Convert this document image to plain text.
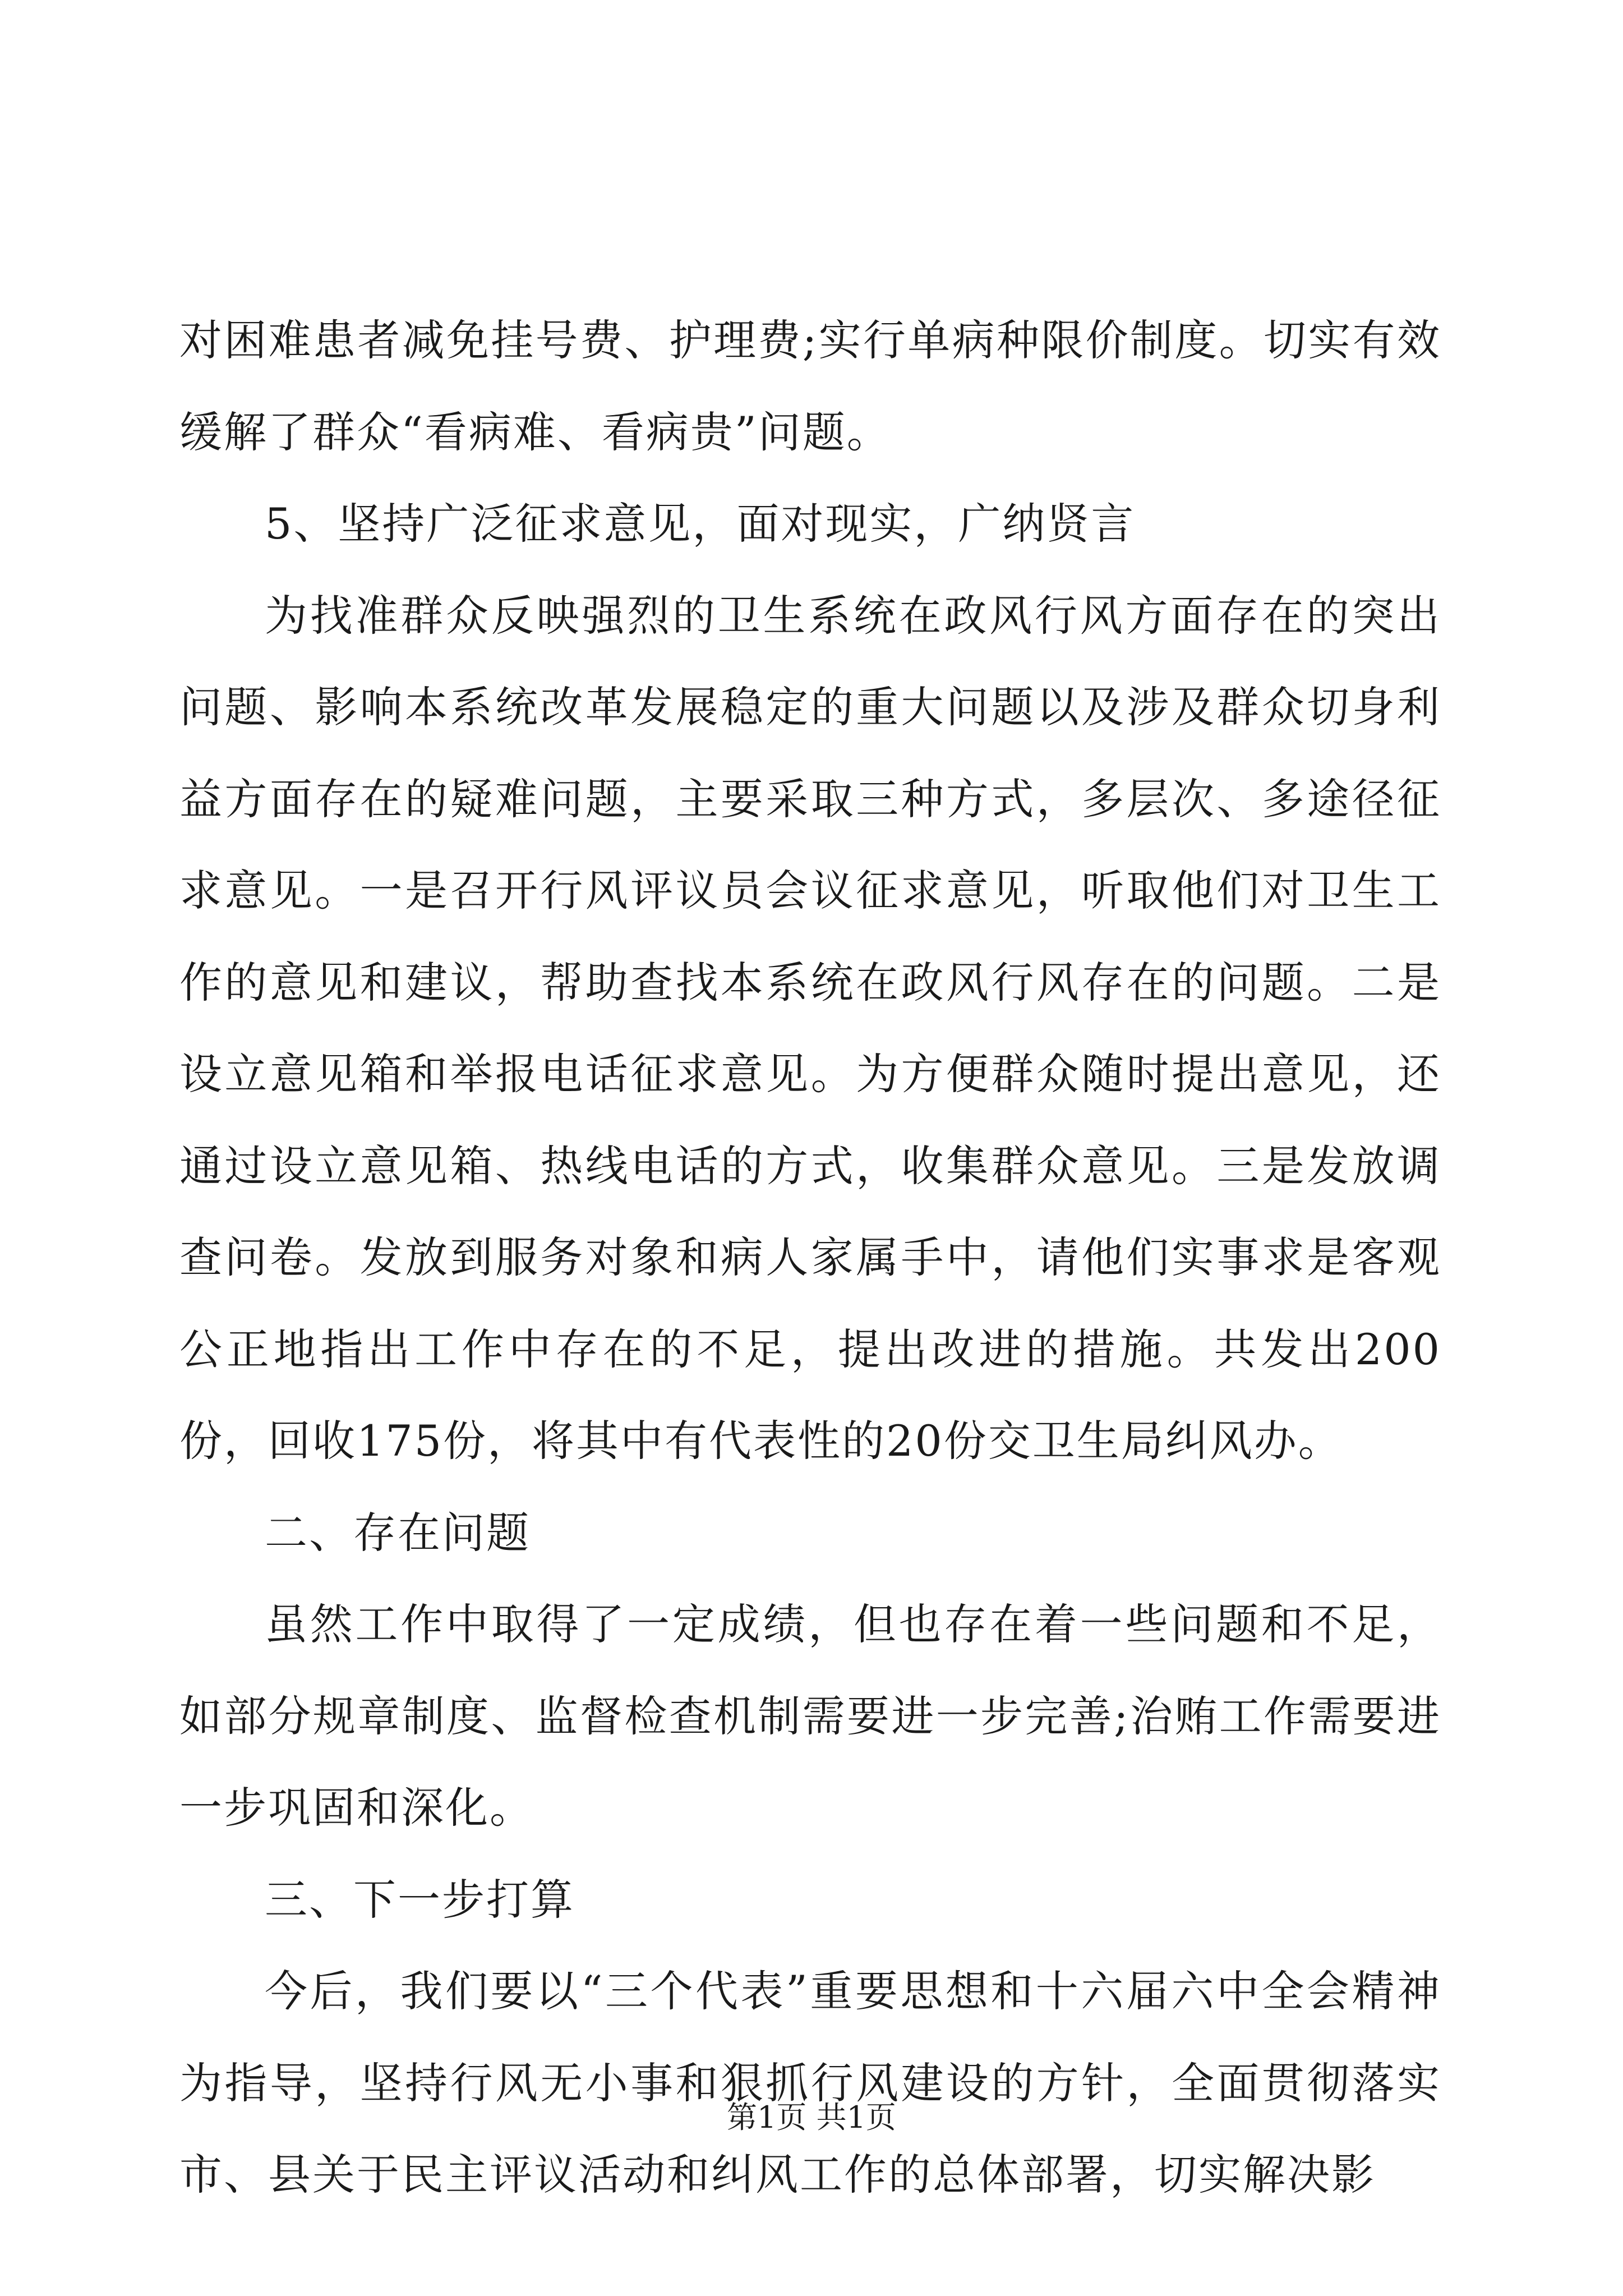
对困难患者减免挂号费、护理费;实行单病种限价制度。切实有效缓解了群众“看病难、看病贵”问题。

5、坚持广泛征求意见，面对现实，广纳贤言

为找准群众反映强烈的卫生系统在政风行风方面存在的突出问题、影响本系统改革发展稳定的重大问题以及涉及群众切身利益方面存在的疑难问题，主要采取三种方式，多层次、多途径征求意见。一是召开行风评议员会议征求意见，听取他们对卫生工作的意见和建议，帮助查找本系统在政风行风存在的问题。二是设立意见箱和举报电话征求意见。为方便群众随时提出意见，还通过设立意见箱、热线电话的方式，收集群众意见。三是发放调查问卷。发放到服务对象和病人家属手中，请他们实事求是客观公正地指出工作中存在的不足，提出改进的措施。共发出200份，回收175份，将其中有代表性的20份交卫生局纠风办。

二、存在问题

虽然工作中取得了一定成绩，但也存在着一些问题和不足，如部分规章制度、监督检查机制需要进一步完善;治贿工作需要进一步巩固和深化。

三、下一步打算

今后，我们要以“三个代表”重要思想和十六届六中全会精神为指导，坚持行风无小事和狠抓行风建设的方针，全面贯彻落实市、县关于民主评议活动和纠风工作的总体部署，切实解决影

第1页 共1页
